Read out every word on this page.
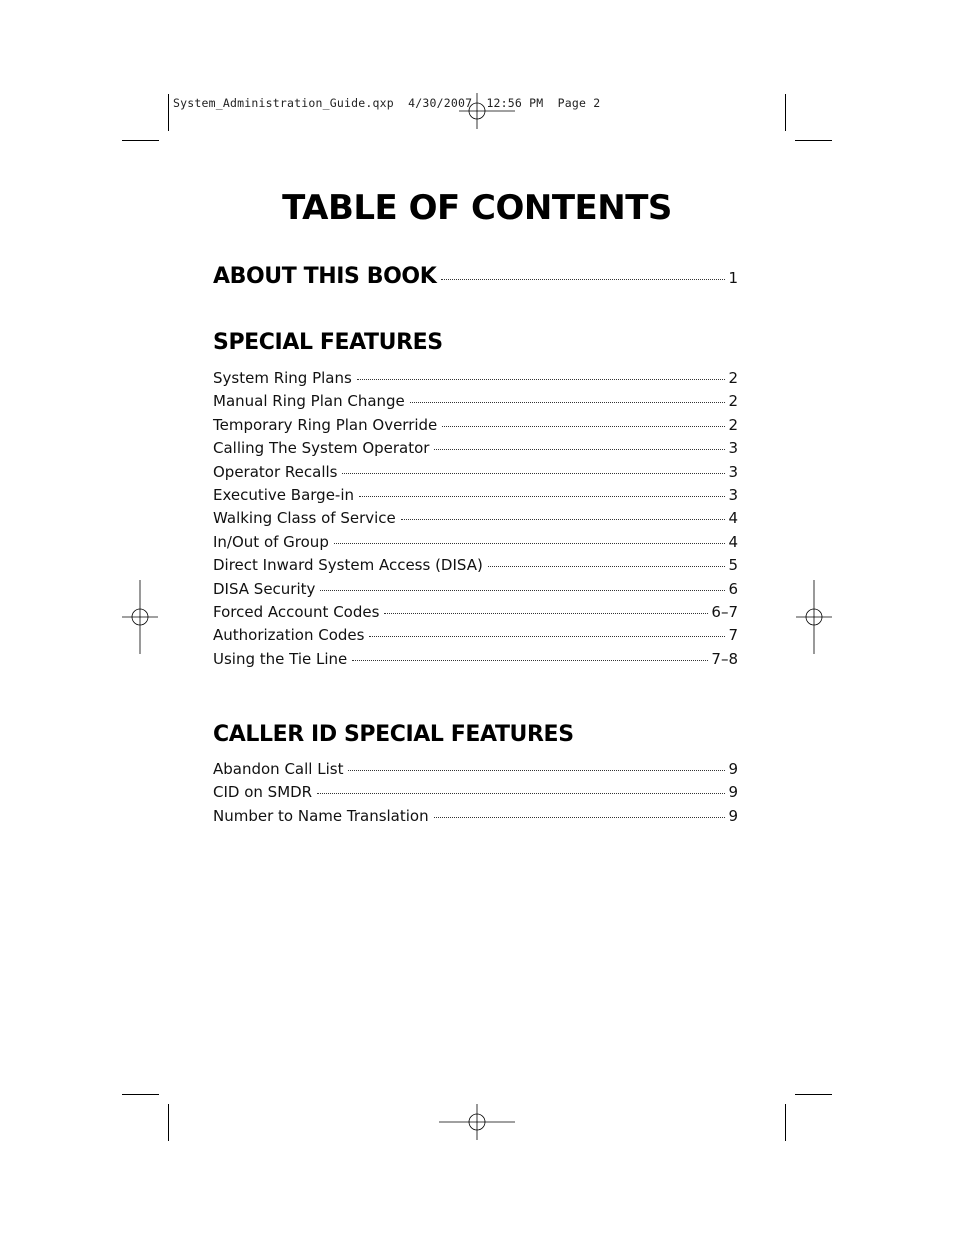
System_Administration_Guide.qxp  4/30/2007  12:56 PM  Page 2
TABLE OF CONTENTS
ABOUT THIS BOOK	1
SPECIAL FEATURES
System Ring Plans	2
Manual Ring Plan Change	2
Temporary Ring Plan Override	2
Calling The System Operator	3
Operator Recalls	3
Executive Barge-in	3
Walking Class of Service	4
In/Out of Group	4
Direct Inward System Access (DISA)	5
DISA Security	6
Forced Account Codes	6–7
Authorization Codes	7
Using the Tie Line	7–8
CALLER ID SPECIAL FEATURES
Abandon Call List	9
CID on SMDR	9
Number to Name Translation	9
